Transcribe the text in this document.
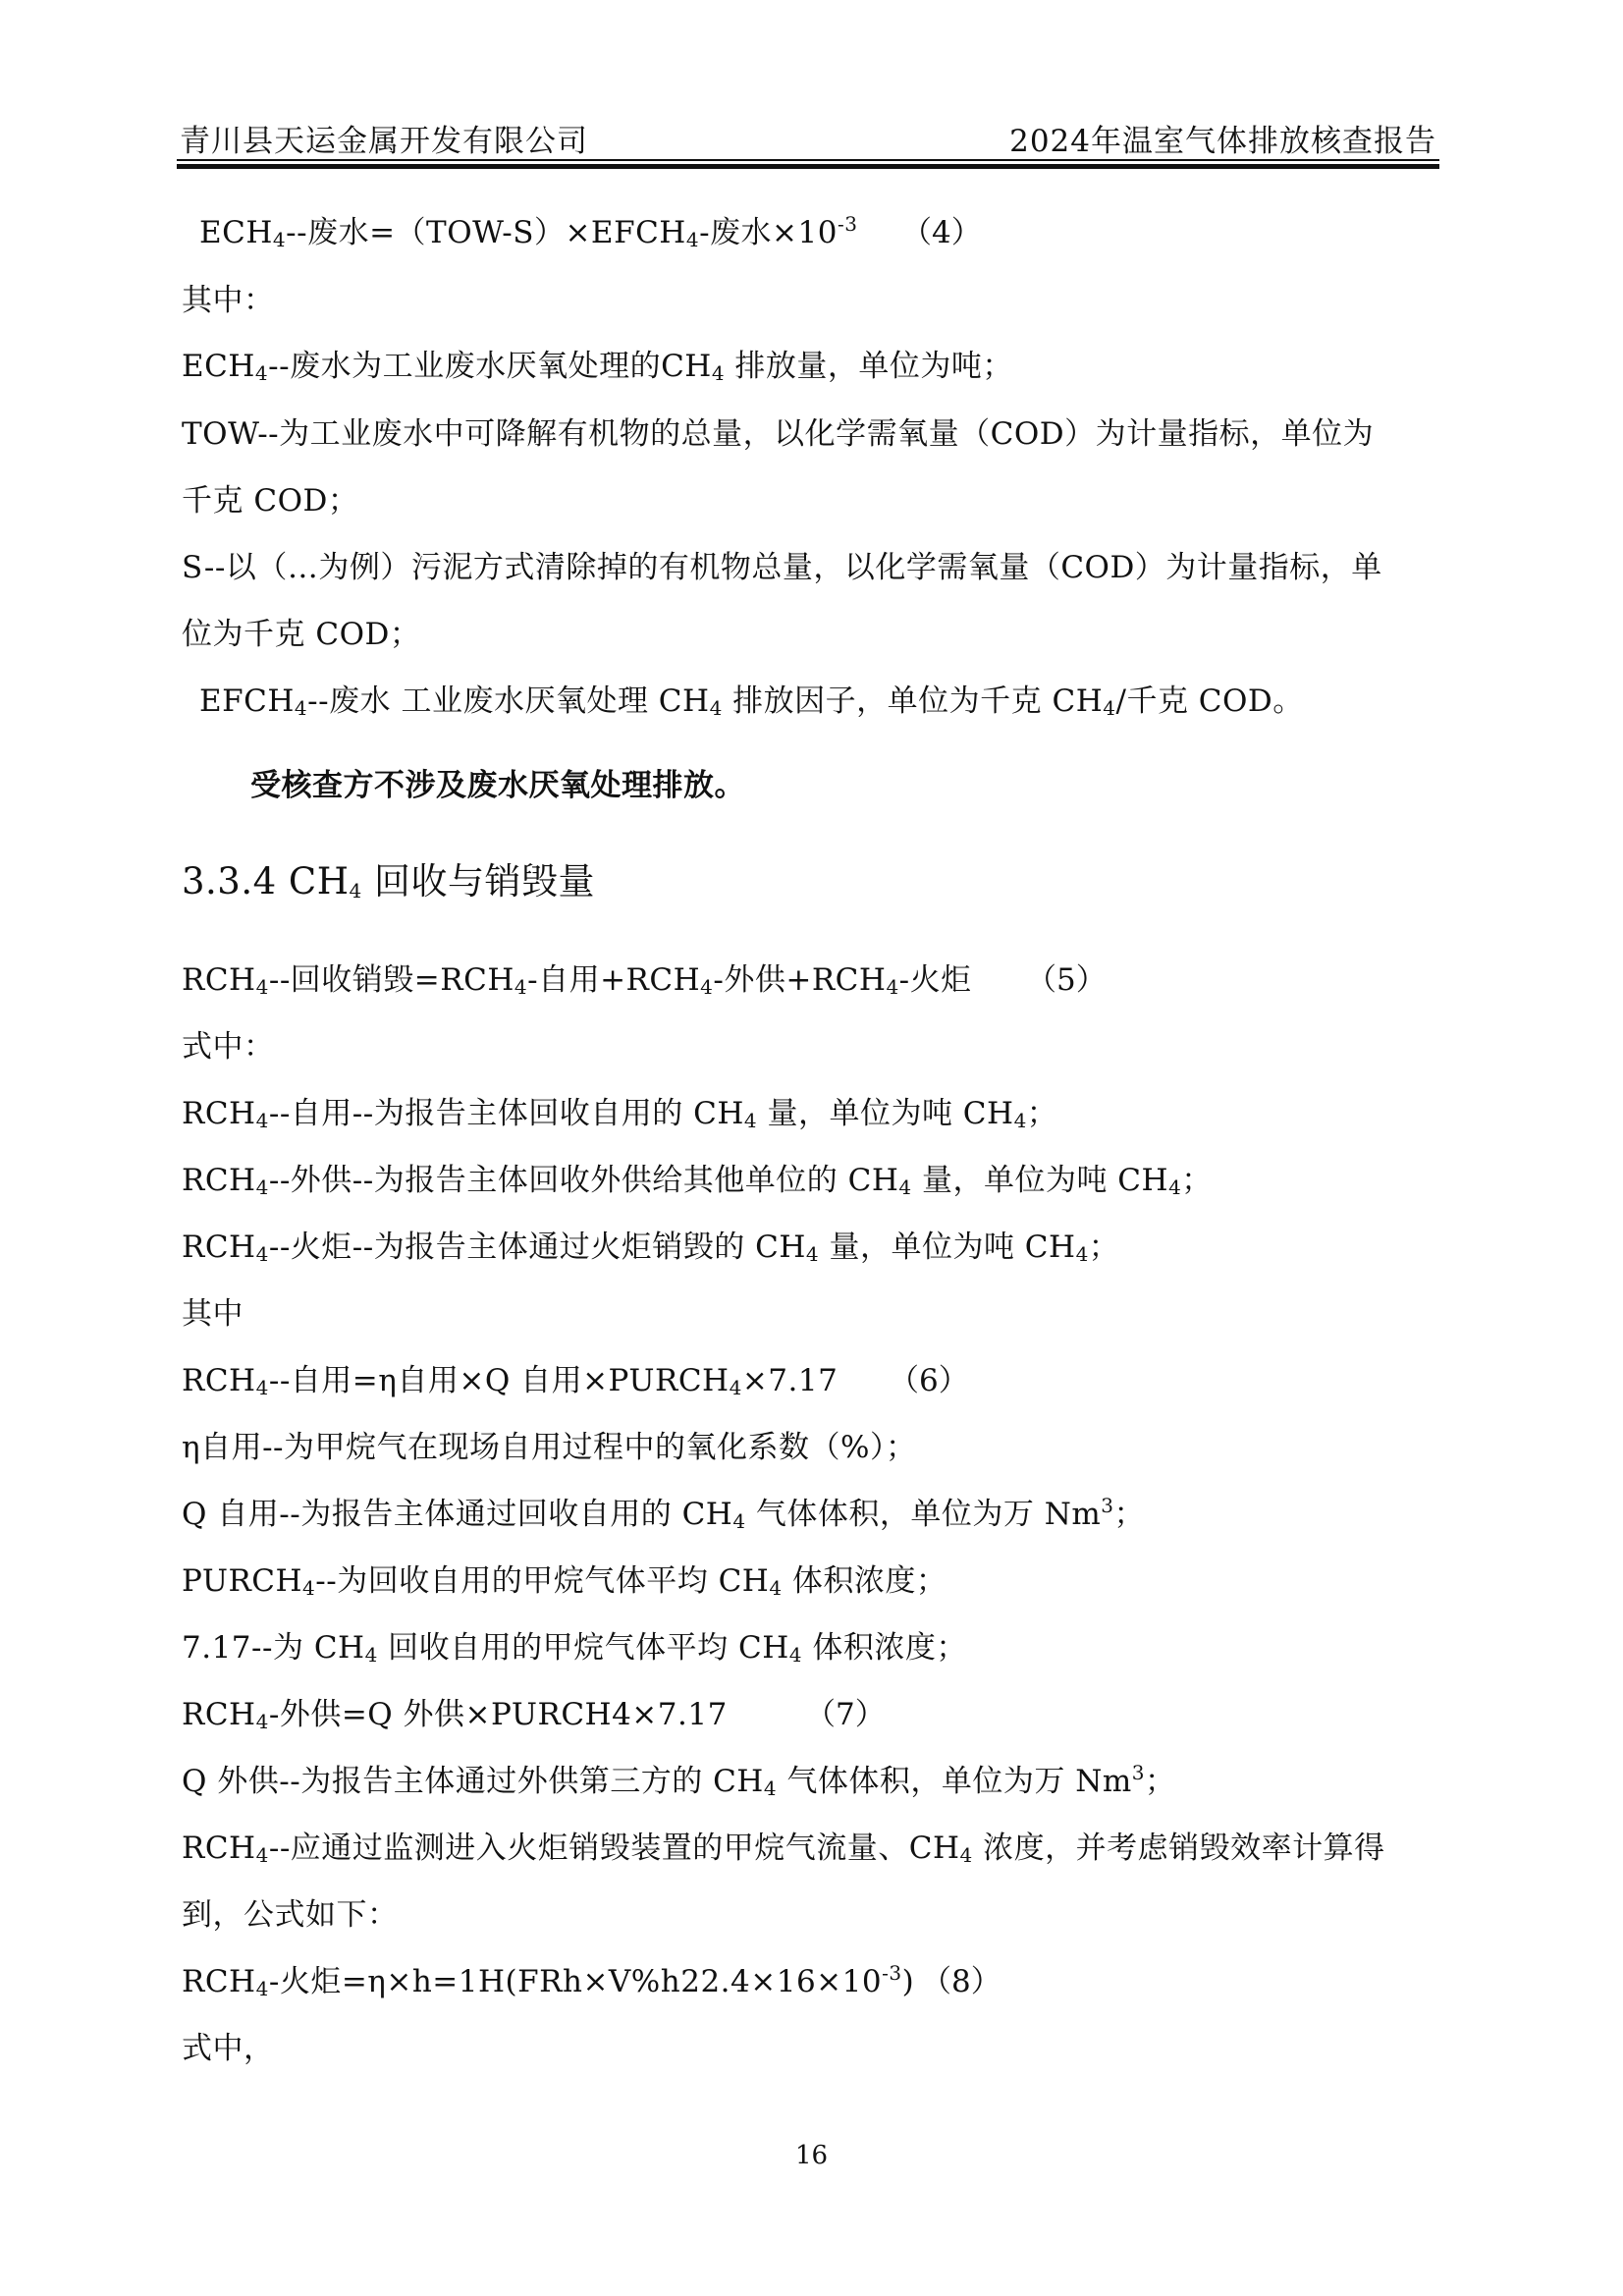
青川县天运金属开发有限公司	2024年温室气体排放核查报告
$ECH_4--$废水$=(TOW-S)\times EFCH_4-$废水$\times 10^{-3}$ （4）
其中：
$ECH_4--$废水为工业废水厌氧处理的$CH_4$ 排放量，单位为吨；
TOW--为工业废水中可降解有机物的总量，以化学需氧量（COD）为计量指标，单位为
千克 COD；
S--以（…为例）污泥方式清除掉的有机物总量，以化学需氧量（COD）为计量指标，单
位为千克 COD；
$EFCH_4--$废水 工业废水厌氧处理 $CH_4$ 排放因子，单位为千克 $CH_4/$千克 COD。
受核查方不涉及废水厌氧处理排放。
3.3.4 $CH_4$ 回收与销毁量
$RCH_4--$回收销毁$=RCH_4-$自用$+RCH_4-$外供$+RCH_4-$火炬 （5）
式中：
$RCH_4--$自用--为报告主体回收自用的 $CH_4$ 量，单位为吨 $CH_4$；
$RCH_4--$外供--为报告主体回收外供给其他单位的 $CH_4$ 量，单位为吨 $CH_4$；
$RCH_4--$火炬--为报告主体通过火炬销毁的 $CH_4$ 量，单位为吨 $CH_4$；
其中
$RCH_4--$自用=η自用×Q 自用$\times PURCH_4\times 7.17$ （6）
η自用--为甲烷气在现场自用过程中的氧化系数（%）；
Q 自用--为报告主体通过回收自用的 $CH_4$ 气体体积，单位为万 Nm$^3$；
$PURCH_4--$为回收自用的甲烷气体平均 $CH_4$ 体积浓度；
7.17--为 $CH_4$ 回收自用的甲烷气体平均 $CH_4$ 体积浓度；
$RCH_4-$外供=Q 外供×PURCH4×7.17	（7）
Q 外供--为报告主体通过外供第三方的 $CH_4$ 气体体积，单位为万 Nm$^3$；
$RCH_4--$应通过监测进入火炬销毁装置的甲烷气流量、$CH_4$ 浓度，并考虑销毁效率计算得
到，公式如下：
$RCH_4-$火炬$=\eta\times h=1H(FRh\times V\%h22.4\times 16\times 10^{-3})$ （8）
式中，
16
